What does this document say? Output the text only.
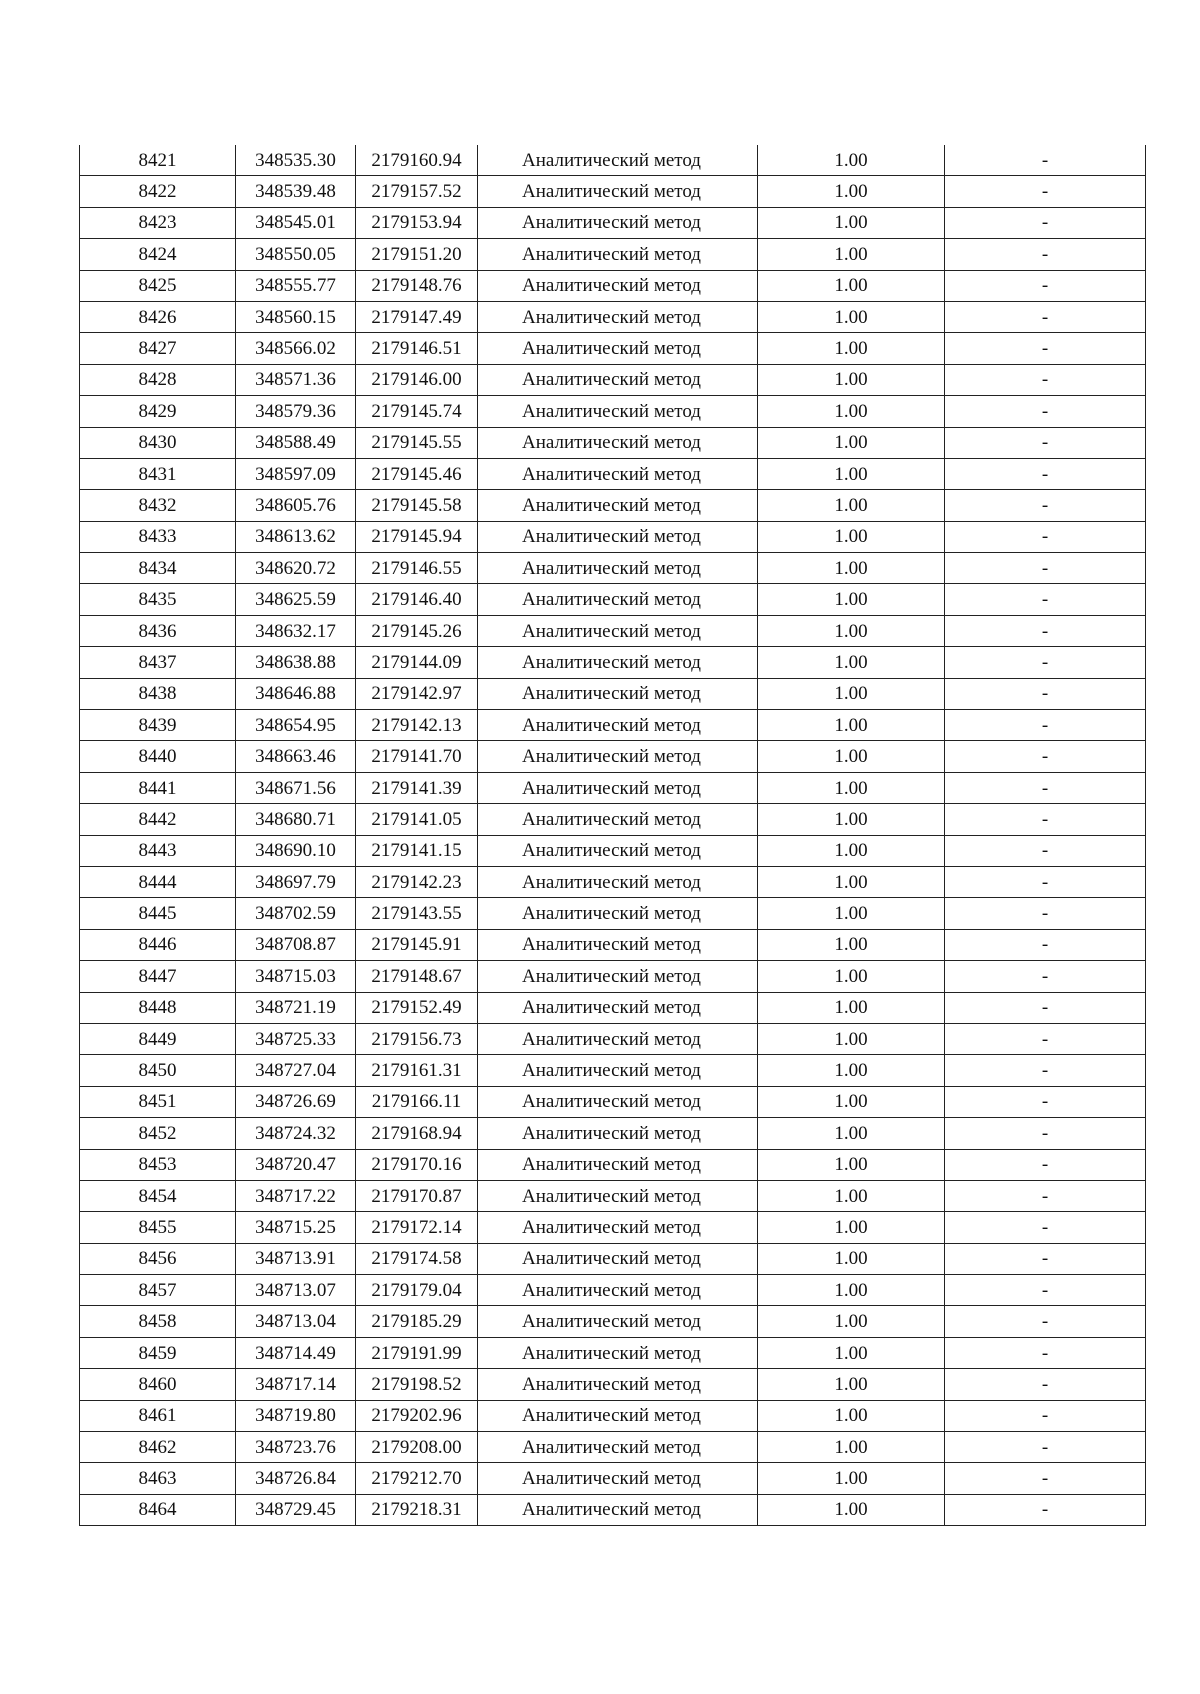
8421	348535.30	2179160.94	Аналитический метод	1.00	-
8422	348539.48	2179157.52	Аналитический метод	1.00	-
8423	348545.01	2179153.94	Аналитический метод	1.00	-
8424	348550.05	2179151.20	Аналитический метод	1.00	-
8425	348555.77	2179148.76	Аналитический метод	1.00	-
8426	348560.15	2179147.49	Аналитический метод	1.00	-
8427	348566.02	2179146.51	Аналитический метод	1.00	-
8428	348571.36	2179146.00	Аналитический метод	1.00	-
8429	348579.36	2179145.74	Аналитический метод	1.00	-
8430	348588.49	2179145.55	Аналитический метод	1.00	-
8431	348597.09	2179145.46	Аналитический метод	1.00	-
8432	348605.76	2179145.58	Аналитический метод	1.00	-
8433	348613.62	2179145.94	Аналитический метод	1.00	-
8434	348620.72	2179146.55	Аналитический метод	1.00	-
8435	348625.59	2179146.40	Аналитический метод	1.00	-
8436	348632.17	2179145.26	Аналитический метод	1.00	-
8437	348638.88	2179144.09	Аналитический метод	1.00	-
8438	348646.88	2179142.97	Аналитический метод	1.00	-
8439	348654.95	2179142.13	Аналитический метод	1.00	-
8440	348663.46	2179141.70	Аналитический метод	1.00	-
8441	348671.56	2179141.39	Аналитический метод	1.00	-
8442	348680.71	2179141.05	Аналитический метод	1.00	-
8443	348690.10	2179141.15	Аналитический метод	1.00	-
8444	348697.79	2179142.23	Аналитический метод	1.00	-
8445	348702.59	2179143.55	Аналитический метод	1.00	-
8446	348708.87	2179145.91	Аналитический метод	1.00	-
8447	348715.03	2179148.67	Аналитический метод	1.00	-
8448	348721.19	2179152.49	Аналитический метод	1.00	-
8449	348725.33	2179156.73	Аналитический метод	1.00	-
8450	348727.04	2179161.31	Аналитический метод	1.00	-
8451	348726.69	2179166.11	Аналитический метод	1.00	-
8452	348724.32	2179168.94	Аналитический метод	1.00	-
8453	348720.47	2179170.16	Аналитический метод	1.00	-
8454	348717.22	2179170.87	Аналитический метод	1.00	-
8455	348715.25	2179172.14	Аналитический метод	1.00	-
8456	348713.91	2179174.58	Аналитический метод	1.00	-
8457	348713.07	2179179.04	Аналитический метод	1.00	-
8458	348713.04	2179185.29	Аналитический метод	1.00	-
8459	348714.49	2179191.99	Аналитический метод	1.00	-
8460	348717.14	2179198.52	Аналитический метод	1.00	-
8461	348719.80	2179202.96	Аналитический метод	1.00	-
8462	348723.76	2179208.00	Аналитический метод	1.00	-
8463	348726.84	2179212.70	Аналитический метод	1.00	-
8464	348729.45	2179218.31	Аналитический метод	1.00	-
